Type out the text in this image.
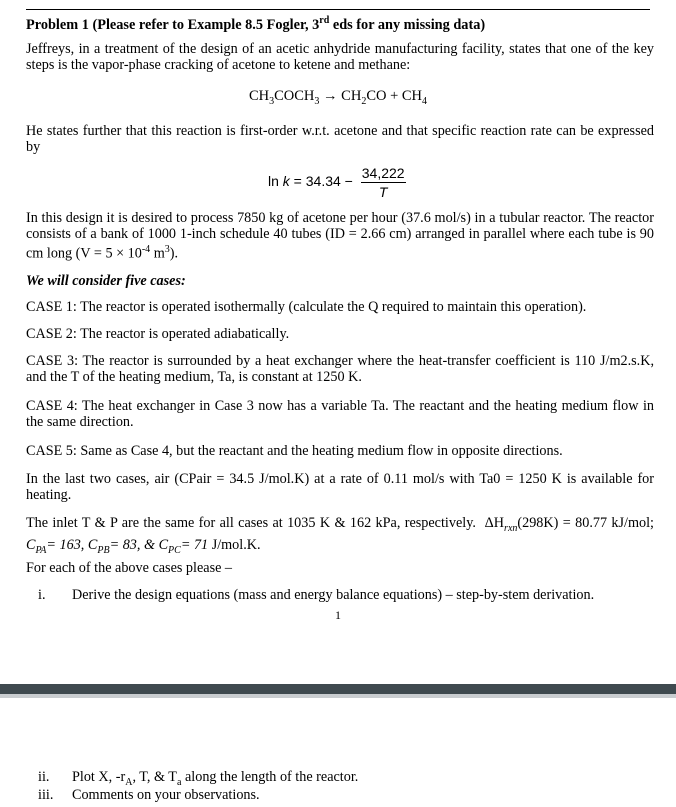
Problem 1 (Please refer to Example 8.5 Fogler, 3rd eds for any missing data)
Jeffreys, in a treatment of the design of an acetic anhydride manufacturing facility, states that one of the key steps is the vapor-phase cracking of acetone to ketene and methane:
$CH_3COCH_3 \to CH_2CO + CH_4$
He states further that this reaction is first-order w.r.t. acetone and that specific reaction rate can be expressed by
$\ln k = 34.34 - \frac{34,222}{T}$
In this design it is desired to process 7850 kg of acetone per hour (37.6 mol/s) in a tubular reactor. The reactor consists of a bank of 1000 1-inch schedule 40 tubes (ID = 2.66 cm) arranged in parallel where each tube is 90 cm long ($V = 5 \times 10^{-4}$ $m^3$).
We will consider five cases:
CASE 1: The reactor is operated isothermally (calculate the Q required to maintain this operation).
CASE 2: The reactor is operated adiabatically.
CASE 3: The reactor is surrounded by a heat exchanger where the heat-transfer coefficient is 110 J/m2.s.K, and the T of the heating medium, Ta, is constant at 1250 K.
CASE 4: The heat exchanger in Case 3 now has a variable Ta. The reactant and the heating medium flow in the same direction.
CASE 5: Same as Case 4, but the reactant and the heating medium flow in opposite directions.
In the last two cases, air (CPair = 34.5 J/mol.K) at a rate of 0.11 mol/s with Ta0 = 1250 K is available for heating.
The inlet T & P are the same for all cases at 1035 K & 162 kPa, respectively.  $\Delta H_{rxn}(298K) = 80.77$ kJ/mol; $C_{PA}= 163$, $C_{PB}= 83$, & $C_{PC}= 71$ J/mol.K.
For each of the above cases please –
i. Derive the design equations (mass and energy balance equations) – step-by-stem derivation.
1
ii. Plot X, $-r_A$, T, & $T_a$ along the length of the reactor.
iii. Comments on your observations.
